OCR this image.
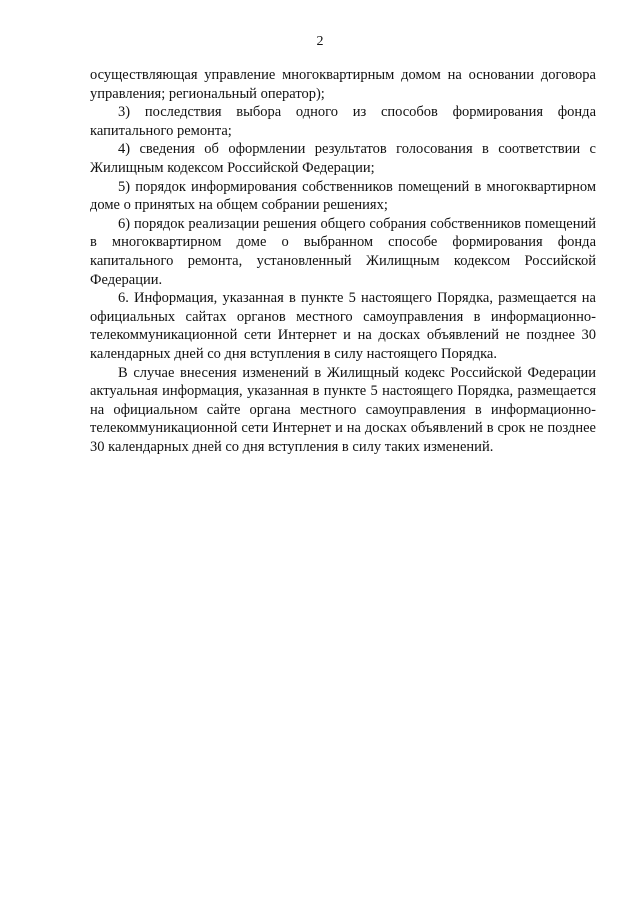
2

осуществляющая управление многоквартирным домом на основании договора управления; региональный оператор);

3) последствия выбора одного из способов формирования фонда капитального ремонта;

4) сведения об оформлении результатов голосования в соответствии с Жилищным кодексом Российской Федерации;

5) порядок информирования собственников помещений в многоквартирном доме о принятых на общем собрании решениях;

6) порядок реализации решения общего собрания собственников помещений в многоквартирном доме о выбранном способе формирования фонда капитального ремонта, установленный Жилищным кодексом Российской Федерации.

6. Информация, указанная в пункте 5 настоящего Порядка, размещается на официальных сайтах органов местного самоуправления в информационно-телекоммуникационной сети Интернет и на досках объявлений не позднее 30 календарных дней со дня вступления в силу настоящего Порядка.

В случае внесения изменений в Жилищный кодекс Российской Федерации актуальная информация, указанная в пункте 5 настоящего Порядка, размещается на официальном сайте органа местного самоуправления в информационно-телекоммуникационной сети Интернет и на досках объявлений в срок не позднее 30 календарных дней со дня вступления в силу таких изменений.
